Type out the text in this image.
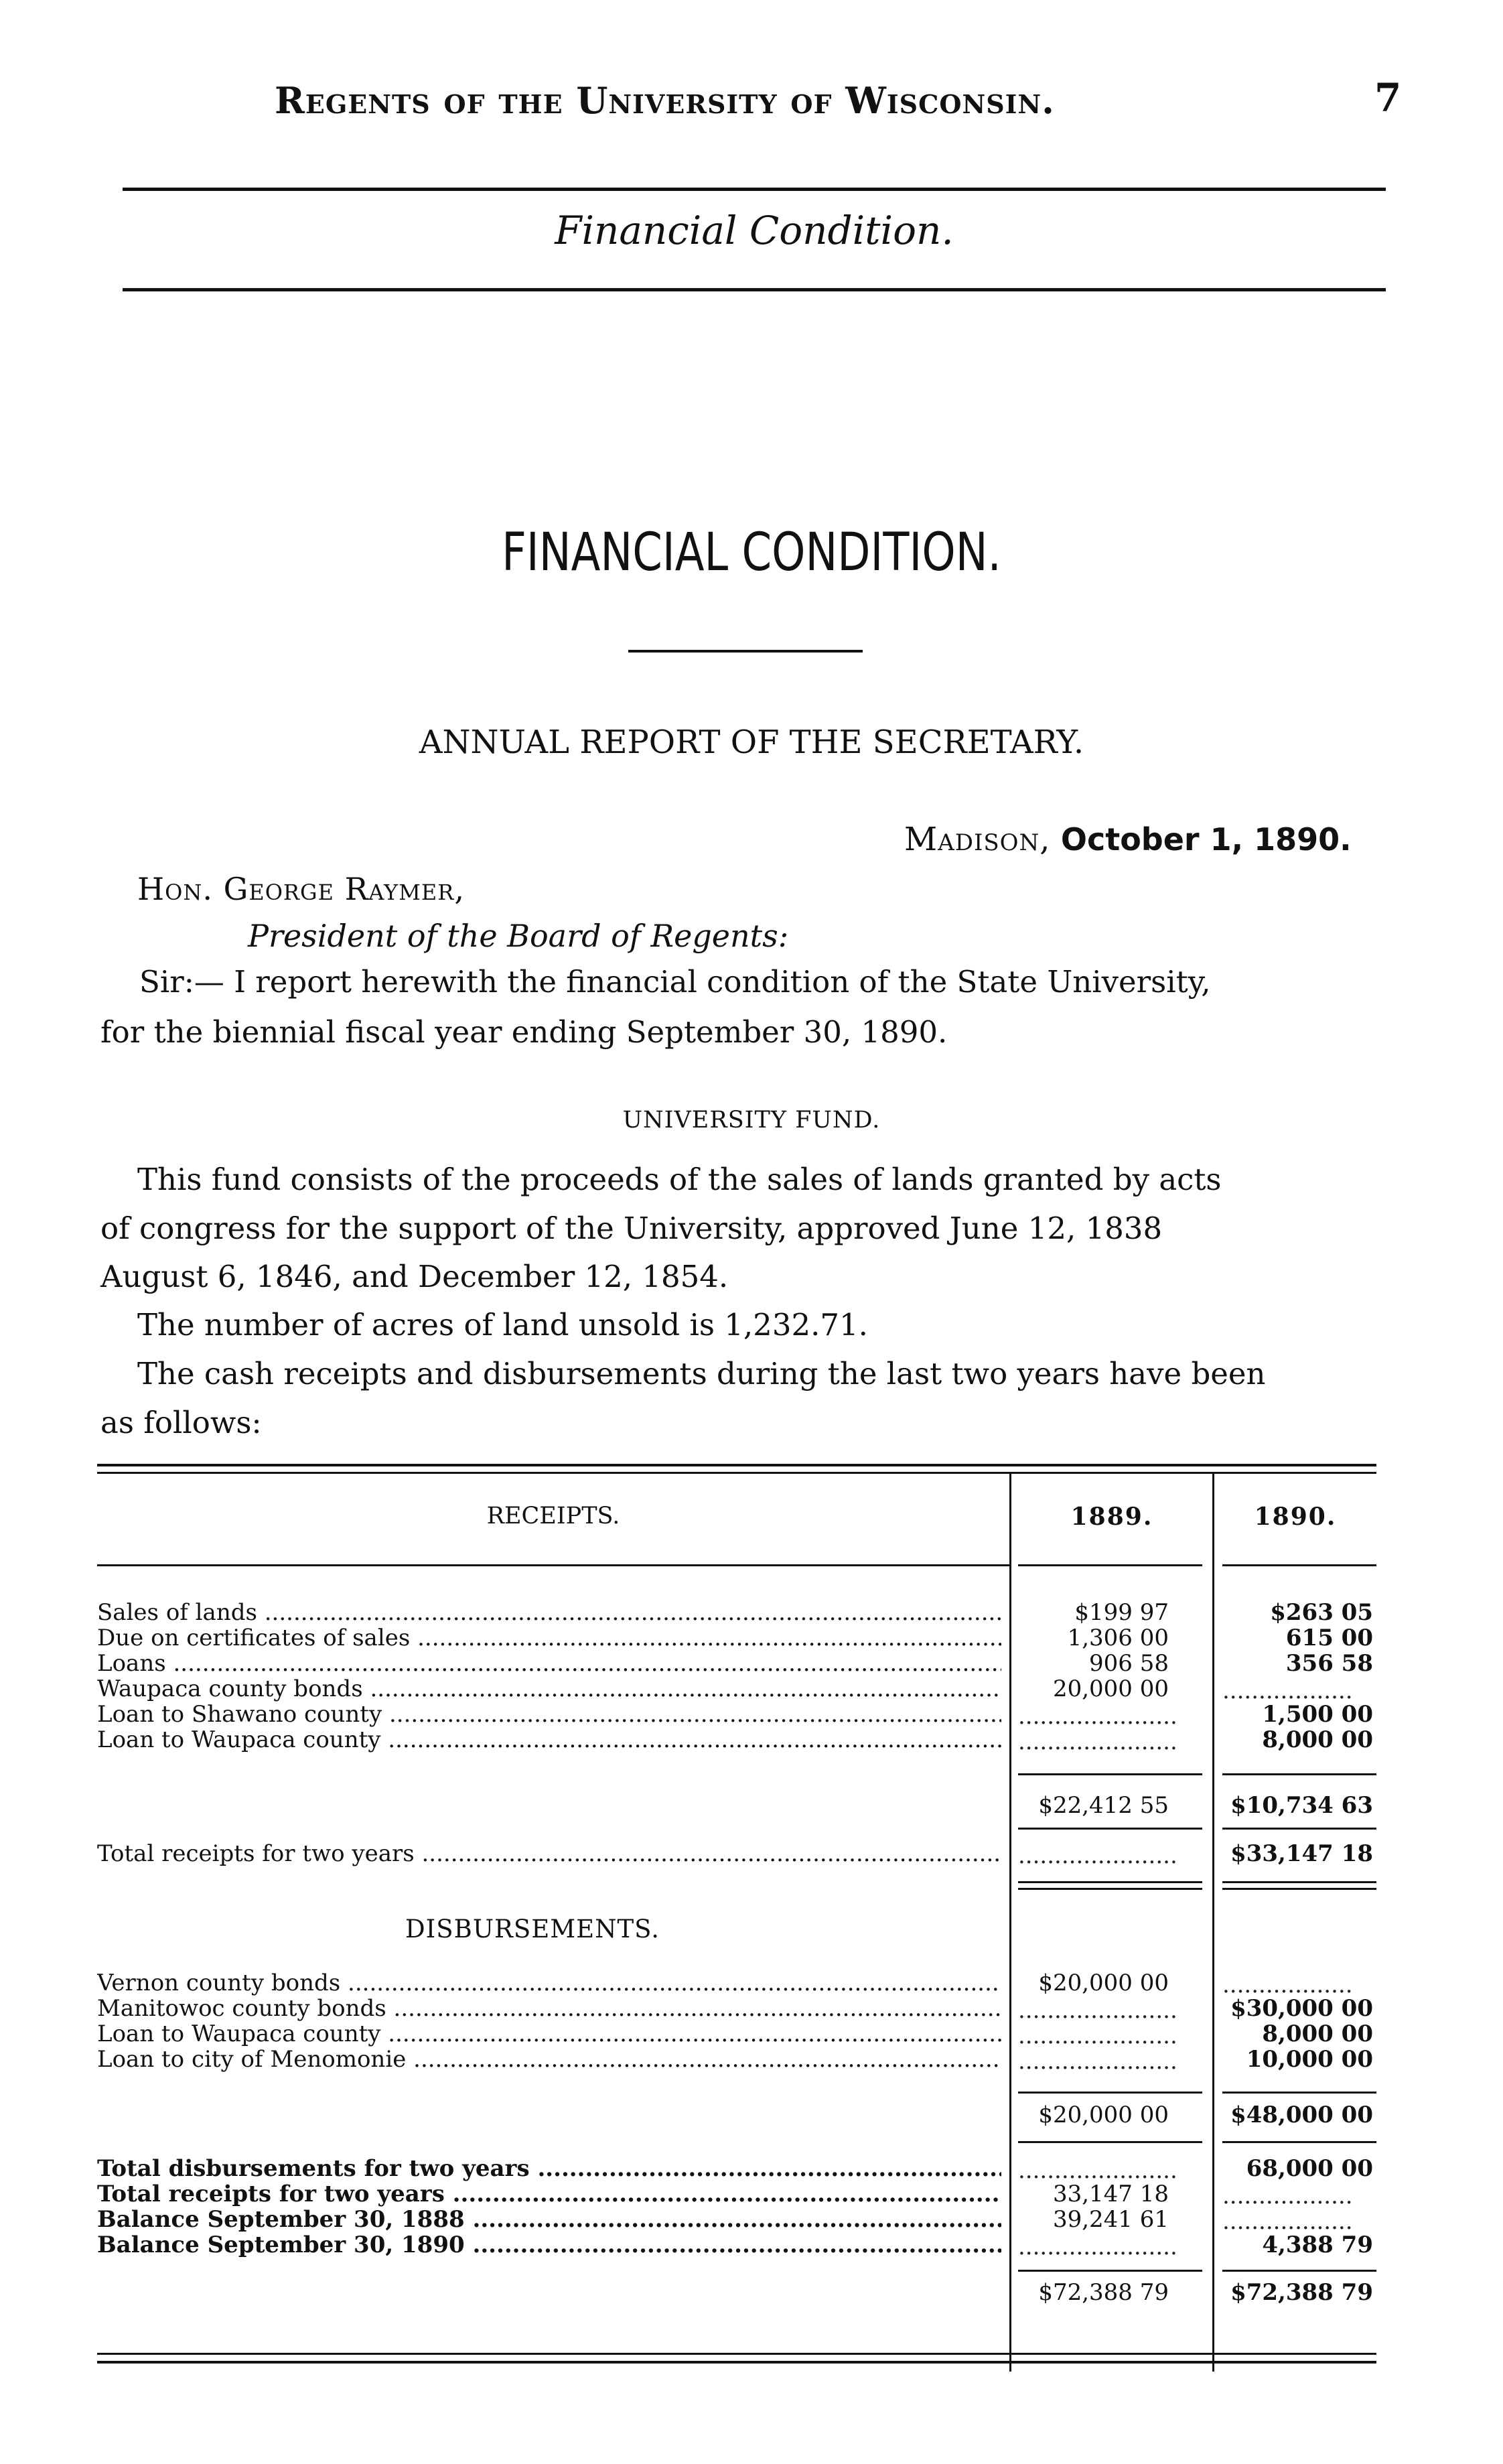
Regents of the University of Wisconsin.	7
Financial Condition.
FINANCIAL CONDITION.
ANNUAL REPORT OF THE SECRETARY.
Madison, October 1, 1890.
Hon. George Raymer,
President of the Board of Regents:
Sir:— I report herewith the financial condition of the State University,
for the biennial fiscal year ending September 30, 1890.
UNIVERSITY FUND.
This fund consists of the proceeds of the sales of lands granted by acts
of congress for the support of the University, approved June 12, 1838
August 6, 1846, and December 12, 1854.
The number of acres of land unsold is 1,232.71.
The cash receipts and disbursements during the last two years have been
as follows:
RECEIPTS.	1889.	1890.
Sales of lands .....	$199 97	$263 05
Due on certificates of sales .....	1,306 00	615 00
Loans .....	906 58	356 58
Waupaca county bonds .....	20,000 00 ..................
Loan to Shawano county .....	......................	1,500 00
Loan to Waupaca county .....	......................	8,000 00
$22,412 55	$10,734 63
Total receipts for two years .....	......................	$33,147 18
DISBURSEMENTS.
Vernon county bonds .....	$20,000 00 ..................
Manitowoc county bonds .....	......................	$30,000 00
Loan to Waupaca county .....	......................	8,000 00
Loan to city of Menomonie .....	......................	10,000 00
$20,000 00	$48,000 00
Total disbursements for two years .....	......................	68,000 00
Total receipts for two years .....	33,147 18 ..................
Balance September 30, 1888 .....	39,241 61 ..................
Balance September 30, 1890 .....	......................	4,388 79
$72,388 79	$72,388 79
